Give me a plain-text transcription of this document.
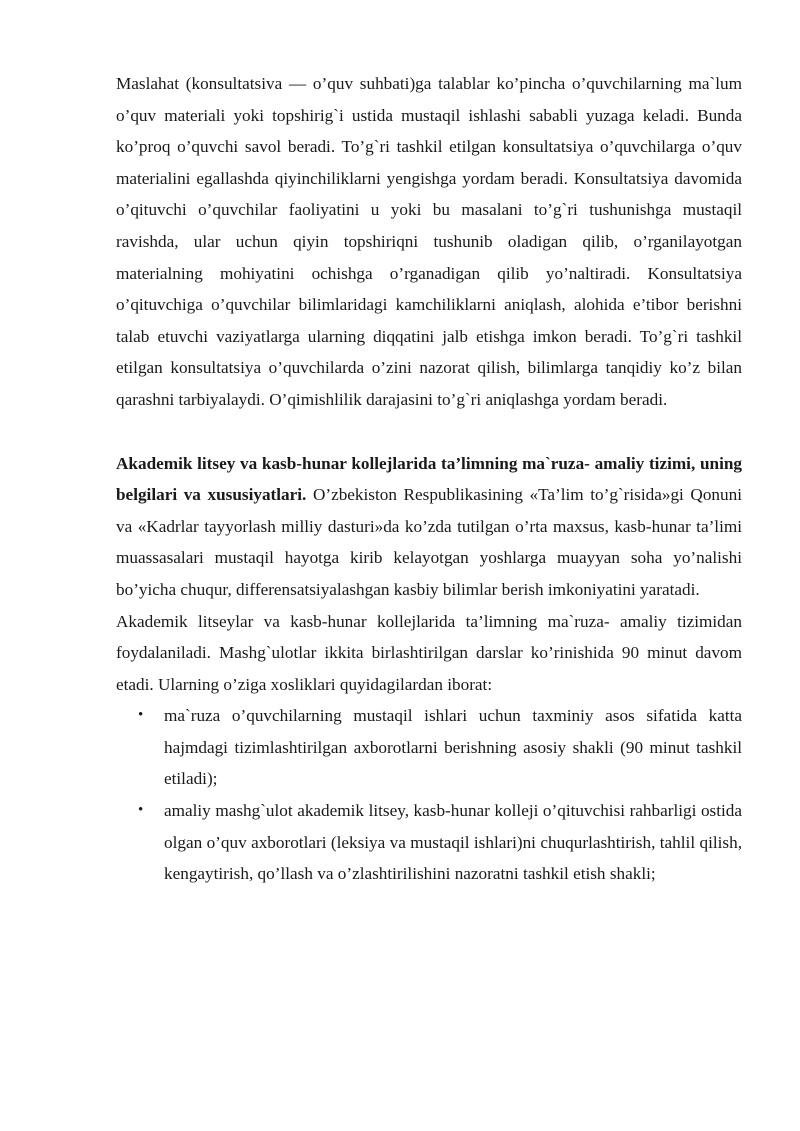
Maslahat (konsultatsiva — o’quv suhbati)ga talablar ko’pincha o’quvchilarning ma`lum o’quv materiali yoki topshirig`i ustida mustaqil ishlashi sababli yuzaga keladi. Bunda ko’proq o’quvchi savol beradi. To’g`ri tashkil etilgan konsultatsiya o’quvchilarga o’quv materialini egallashda qiyinchiliklarni yengishga yordam beradi. Konsultatsiya davomida o’qituvchi o’quvchilar faoliyatini u yoki bu masalani to’g`ri tushunishga mustaqil ravishda, ular uchun qiyin topshiriqni tushunib oladigan qilib, o’rganilayotgan materialning mohiyatini ochishga o’rganadigan qilib yo’naltiradi. Konsultatsiya o’qituvchiga o’quvchilar bilimlaridagi kamchiliklarni aniqlash, alohida e’tibor berishni talab etuvchi vaziyatlarga ularning diqqatini jalb etishga imkon beradi. To’g`ri tashkil etilgan konsultatsiya o’quvchilarda o’zini nazorat qilish, bilimlarga tanqidiy ko’z bilan qarashni tarbiyalaydi. O’qimishlilik darajasini to’g`ri aniqlashga yordam beradi.

Akademik litsey va kasb-hunar kollejlarida ta’limning ma`ruza- amaliy tizimi, uning belgilari va xususiyatlari. O’zbekiston Respublikasining «Ta’lim to’g`risida»gi Qonuni va «Kadrlar tayyorlash milliy dasturi»da ko’zda tutilgan o’rta maxsus, kasb-hunar ta’limi muassasalari mustaqil hayotga kirib kelayotgan yoshlarga muayyan soha yo’nalishi bo’yicha chuqur, differensatsiyalashgan kasbiy bilimlar berish imkoniyatini yaratadi.

Akademik litseylar va kasb-hunar kollejlarida ta’limning ma`ruza- amaliy tizimidan foydalaniladi. Mashg`ulotlar ikkita birlashtirilgan darslar ko’rinishida 90 minut davom etadi. Ularning o’ziga xosliklari quyidagilardan iborat:

• ma`ruza o’quvchilarning mustaqil ishlari uchun taxminiy asos sifatida katta hajmdagi tizimlashtirilgan axborotlarni berishning asosiy shakli (90 minut tashkil etiladi);
• amaliy mashg`ulot akademik litsey, kasb-hunar kolleji o’qituvchisi rahbarligi ostida olgan o’quv axborotlari (leksiya va mustaqil ishlari)ni chuqurlashtirish, tahlil qilish, kengaytirish, qo’llash va o’zlashtirilishini nazoratni tashkil etish shakli;
